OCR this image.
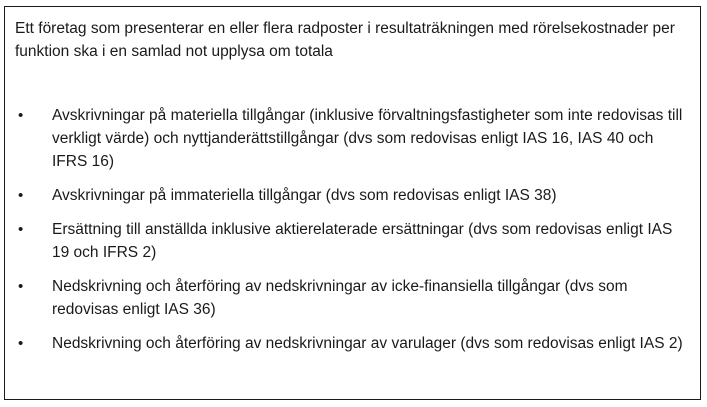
Ett företag som presenterar en eller flera radposter i resultaträkningen med rörelsekostnader per funktion ska i en samlad not upplysa om totala

• Avskrivningar på materiella tillgångar (inklusive förvaltningsfastigheter som inte redovisas till verkligt värde) och nyttjanderättstillgångar (dvs som redovisas enligt IAS 16, IAS 40 och IFRS 16)
• Avskrivningar på immateriella tillgångar (dvs som redovisas enligt IAS 38)
• Ersättning till anställda inklusive aktierelaterade ersättningar (dvs som redovisas enligt IAS 19 och IFRS 2)
• Nedskrivning och återföring av nedskrivningar av icke-finansiella tillgångar (dvs som redovisas enligt IAS 36)
• Nedskrivning och återföring av nedskrivningar av varulager (dvs som redovisas enligt IAS 2)
